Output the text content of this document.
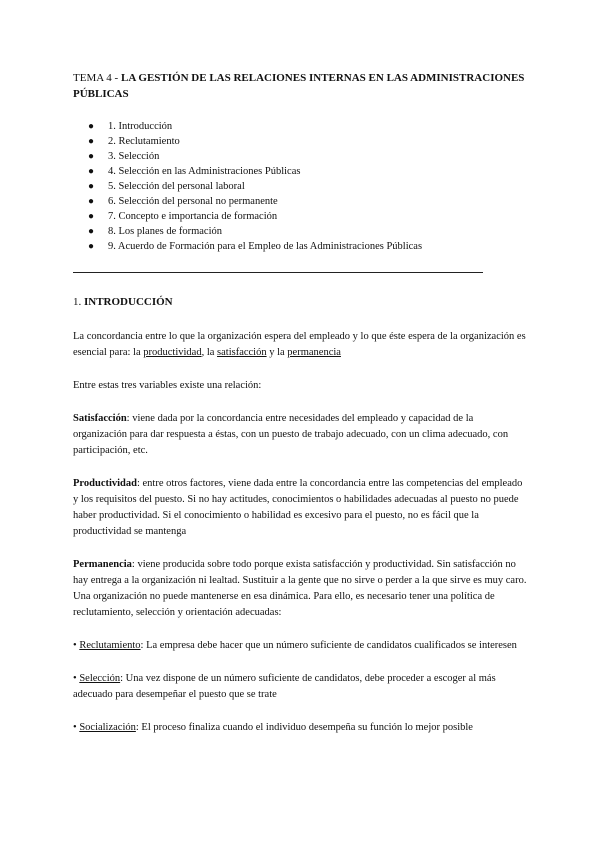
TEMA 4 - LA GESTIÓN DE LAS RELACIONES INTERNAS EN LAS ADMINISTRACIONES PÚBLICAS
● 1. Introducción
● 2. Reclutamiento
● 3. Selección
● 4. Selección en las Administraciones Públicas
● 5. Selección del personal laboral
● 6. Selección del personal no permanente
● 7. Concepto e importancia de formación
● 8. Los planes de formación
● 9. Acuerdo de Formación para el Empleo de las Administraciones Públicas
1. INTRODUCCIÓN

La concordancia entre lo que la organización espera del empleado y lo que éste espera de la organización es esencial para: la productividad, la satisfacción y la permanencia

Entre estas tres variables existe una relación:

Satisfacción: viene dada por la concordancia entre necesidades del empleado y capacidad de la organización para dar respuesta a éstas, con un puesto de trabajo adecuado, con un clima adecuado, con participación, etc.

Productividad: entre otros factores, viene dada entre la concordancia entre las competencias del empleado y los requisitos del puesto. Si no hay actitudes, conocimientos o habilidades adecuadas al puesto no puede haber productividad. Si el conocimiento o habilidad es excesivo para el puesto, no es fácil que la productividad se mantenga

Permanencia: viene producida sobre todo porque exista satisfacción y productividad. Sin satisfacción no hay entrega a la organización ni lealtad. Sustituir a la gente que no sirve o perder a la que sirve es muy caro. Una organización no puede mantenerse en esa dinámica. Para ello, es necesario tener una política de reclutamiento, selección y orientación adecuadas:

• Reclutamiento: La empresa debe hacer que un número suficiente de candidatos cualificados se interesen

• Selección: Una vez dispone de un número suficiente de candidatos, debe proceder a escoger al más adecuado para desempeñar el puesto que se trate

• Socialización: El proceso finaliza cuando el individuo desempeña su función lo mejor posible
